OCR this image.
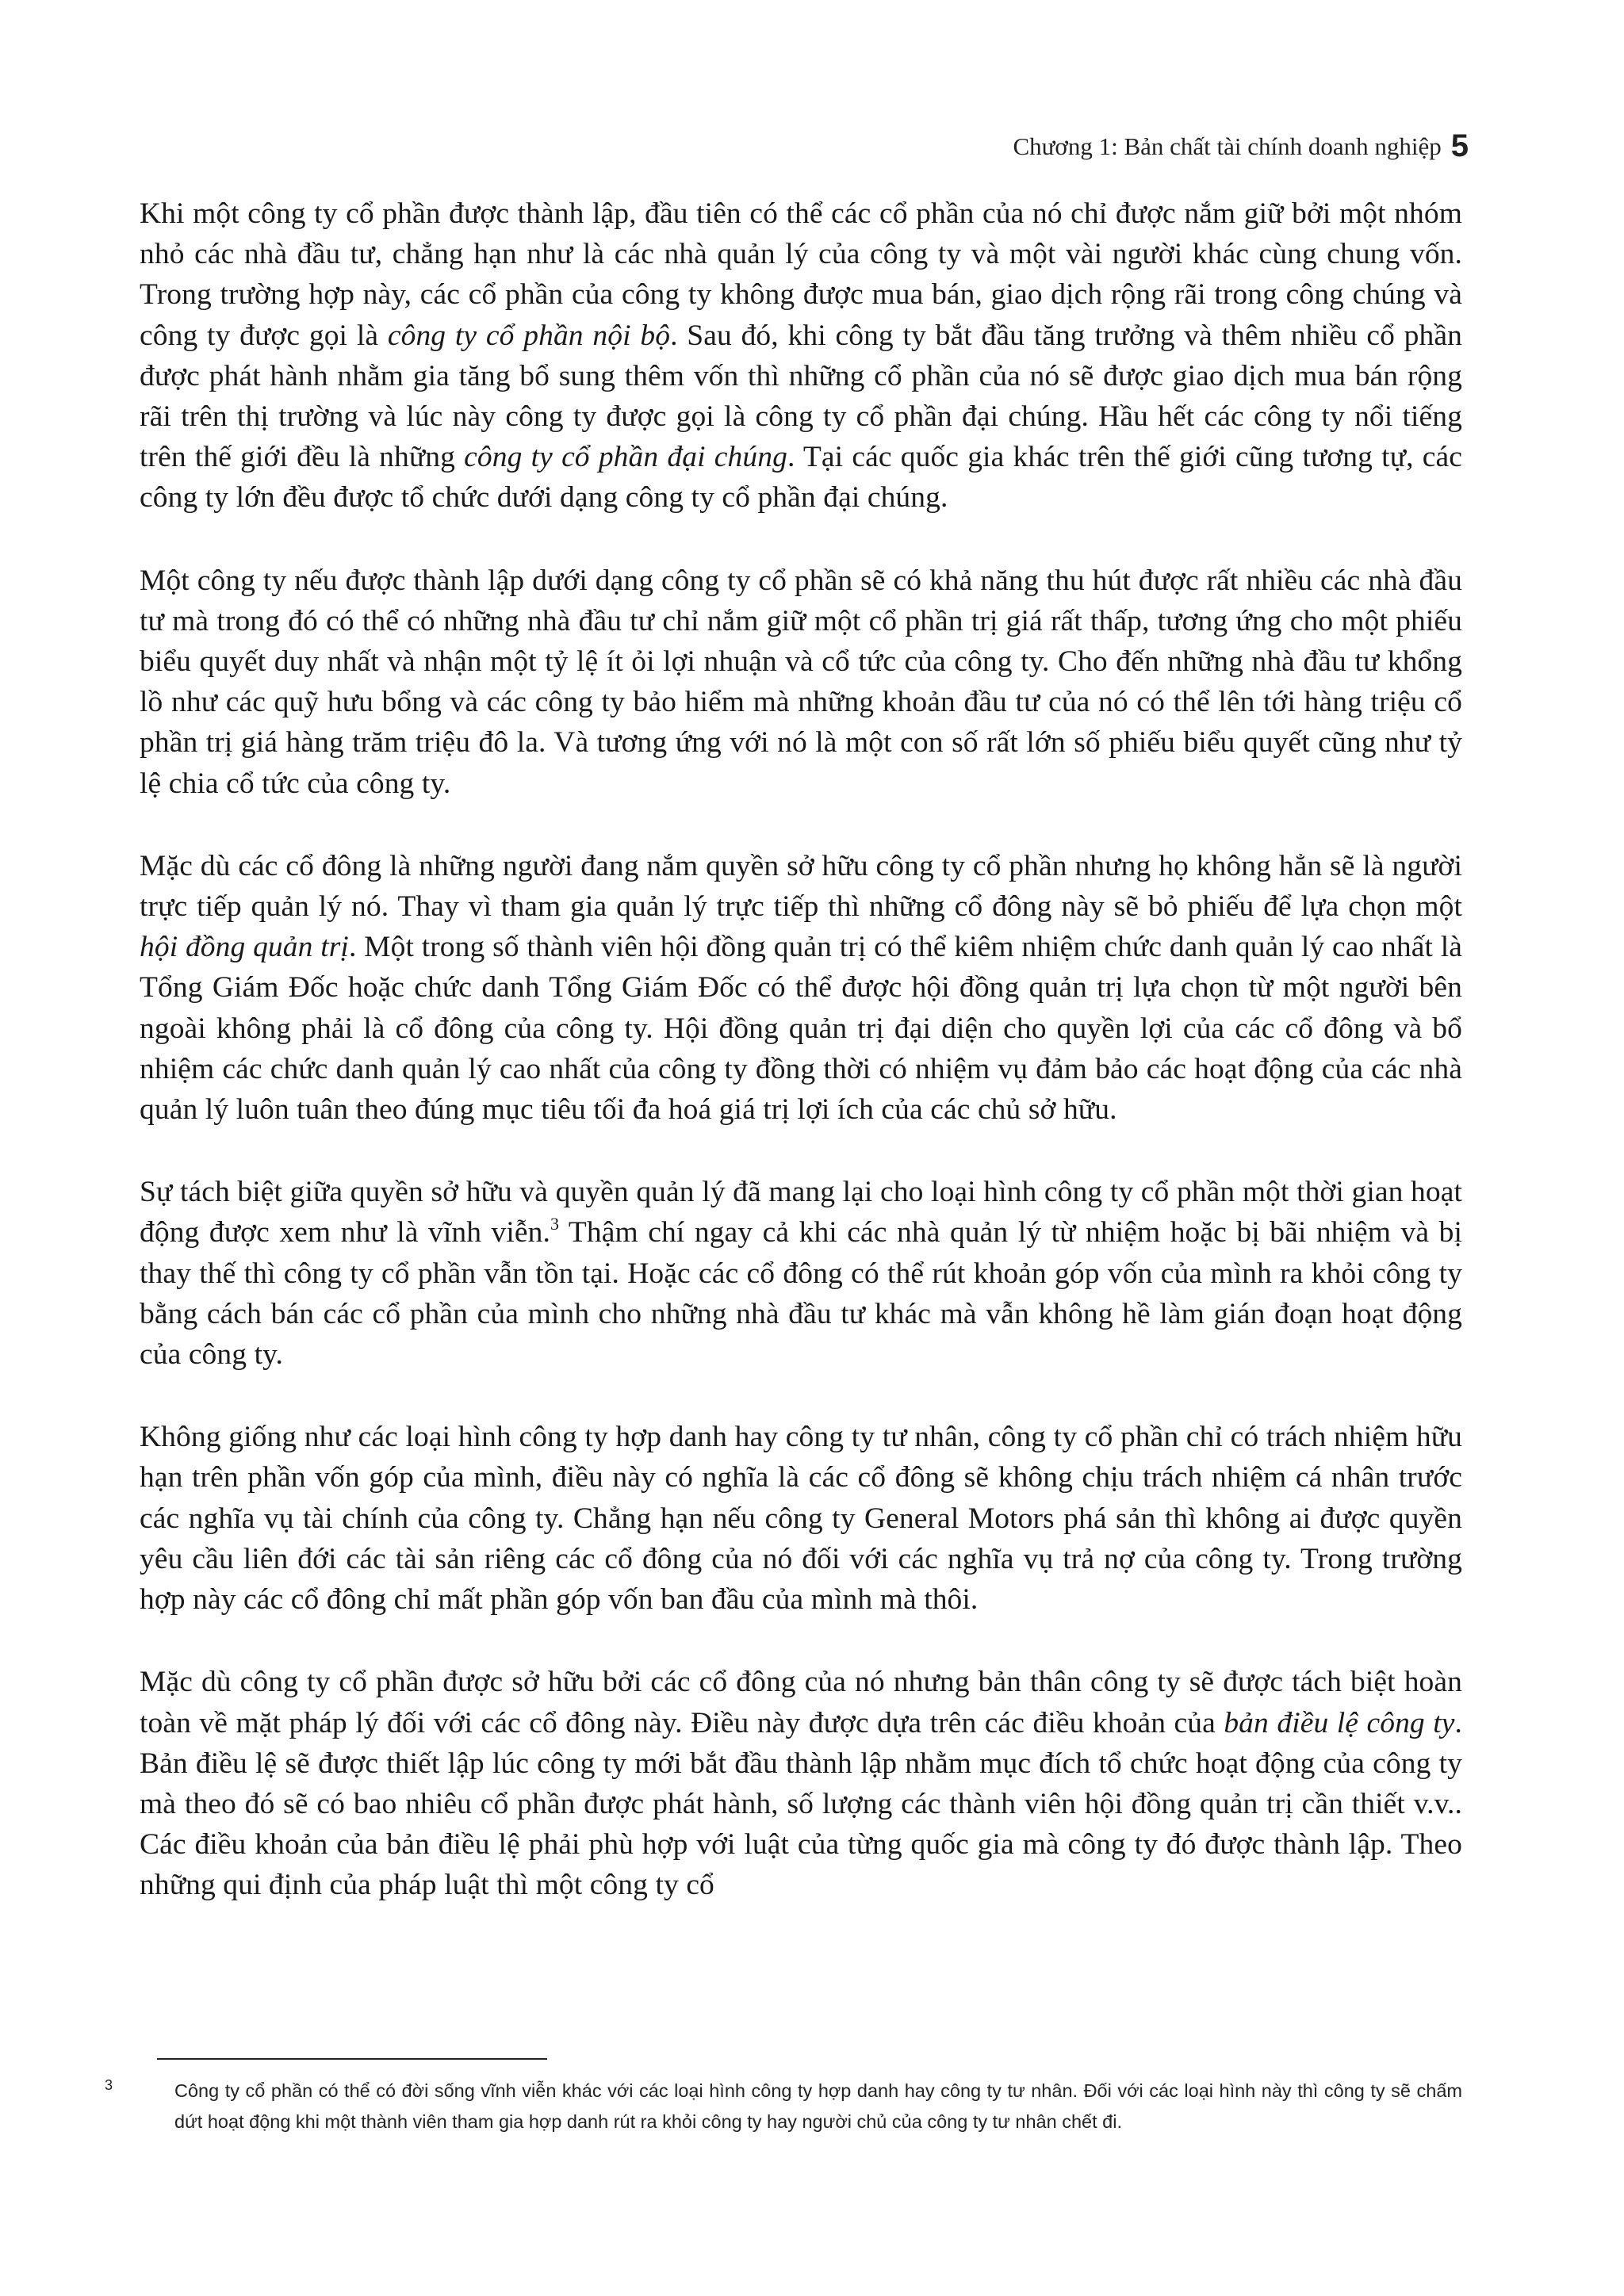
Chương 1: Bản chất tài chính doanh nghiệp 5

Khi một công ty cổ phần được thành lập, đầu tiên có thể các cổ phần của nó chỉ được nắm giữ bởi một nhóm nhỏ các nhà đầu tư, chẳng hạn như là các nhà quản lý của công ty và một vài người khác cùng chung vốn. Trong trường hợp này, các cổ phần của công ty không được mua bán, giao dịch rộng rãi trong công chúng và công ty được gọi là công ty cổ phần nội bộ. Sau đó, khi công ty bắt đầu tăng trưởng và thêm nhiều cổ phần được phát hành nhằm gia tăng bổ sung thêm vốn thì những cổ phần của nó sẽ được giao dịch mua bán rộng rãi trên thị trường và lúc này công ty được gọi là công ty cổ phần đại chúng. Hầu hết các công ty nổi tiếng trên thế giới đều là những công ty cổ phần đại chúng. Tại các quốc gia khác trên thế giới cũng tương tự, các công ty lớn đều được tổ chức dưới dạng công ty cổ phần đại chúng.

Một công ty nếu được thành lập dưới dạng công ty cổ phần sẽ có khả năng thu hút được rất nhiều các nhà đầu tư mà trong đó có thể có những nhà đầu tư chỉ nắm giữ một cổ phần trị giá rất thấp, tương ứng cho một phiếu biểu quyết duy nhất và nhận một tỷ lệ ít ỏi lợi nhuận và cổ tức của công ty. Cho đến những nhà đầu tư khổng lồ như các quỹ hưu bổng và các công ty bảo hiểm mà những khoản đầu tư của nó có thể lên tới hàng triệu cổ phần trị giá hàng trăm triệu đô la. Và tương ứng với nó là một con số rất lớn số phiếu biểu quyết cũng như tỷ lệ chia cổ tức của công ty.

Mặc dù các cổ đông là những người đang nắm quyền sở hữu công ty cổ phần nhưng họ không hẳn sẽ là người trực tiếp quản lý nó. Thay vì tham gia quản lý trực tiếp thì những cổ đông này sẽ bỏ phiếu để lựa chọn một hội đồng quản trị. Một trong số thành viên hội đồng quản trị có thể kiêm nhiệm chức danh quản lý cao nhất là Tổng Giám Đốc hoặc chức danh Tổng Giám Đốc có thể được hội đồng quản trị lựa chọn từ một người bên ngoài không phải là cổ đông của công ty. Hội đồng quản trị đại diện cho quyền lợi của các cổ đông và bổ nhiệm các chức danh quản lý cao nhất của công ty đồng thời có nhiệm vụ đảm bảo các hoạt động của các nhà quản lý luôn tuân theo đúng mục tiêu tối đa hoá giá trị lợi ích của các chủ sở hữu.

Sự tách biệt giữa quyền sở hữu và quyền quản lý đã mang lại cho loại hình công ty cổ phần một thời gian hoạt động được xem như là vĩnh viễn.$^3$ Thậm chí ngay cả khi các nhà quản lý từ nhiệm hoặc bị bãi nhiệm và bị thay thế thì công ty cổ phần vẫn tồn tại. Hoặc các cổ đông có thể rút khoản góp vốn của mình ra khỏi công ty bằng cách bán các cổ phần của mình cho những nhà đầu tư khác mà vẫn không hề làm gián đoạn hoạt động của công ty.

Không giống như các loại hình công ty hợp danh hay công ty tư nhân, công ty cổ phần chỉ có trách nhiệm hữu hạn trên phần vốn góp của mình, điều này có nghĩa là các cổ đông sẽ không chịu trách nhiệm cá nhân trước các nghĩa vụ tài chính của công ty. Chẳng hạn nếu công ty General Motors phá sản thì không ai được quyền yêu cầu liên đới các tài sản riêng các cổ đông của nó đối với các nghĩa vụ trả nợ của công ty. Trong trường hợp này các cổ đông chỉ mất phần góp vốn ban đầu của mình mà thôi.

Mặc dù công ty cổ phần được sở hữu bởi các cổ đông của nó nhưng bản thân công ty sẽ được tách biệt hoàn toàn về mặt pháp lý đối với các cổ đông này. Điều này được dựa trên các điều khoản của bản điều lệ công ty. Bản điều lệ sẽ được thiết lập lúc công ty mới bắt đầu thành lập nhằm mục đích tổ chức hoạt động của công ty mà theo đó sẽ có bao nhiêu cổ phần được phát hành, số lượng các thành viên hội đồng quản trị cần thiết v.v.. Các điều khoản của bản điều lệ phải phù hợp với luật của từng quốc gia mà công ty đó được thành lập. Theo những qui định của pháp luật thì một công ty cổ

3	Công ty cổ phần có thể có đời sống vĩnh viễn khác với các loại hình công ty hợp danh hay công ty tư nhân. Đối với các loại hình này thì công ty sẽ chấm dứt hoạt động khi một thành viên tham gia hợp danh rút ra khỏi công ty hay người chủ của công ty tư nhân chết đi.
